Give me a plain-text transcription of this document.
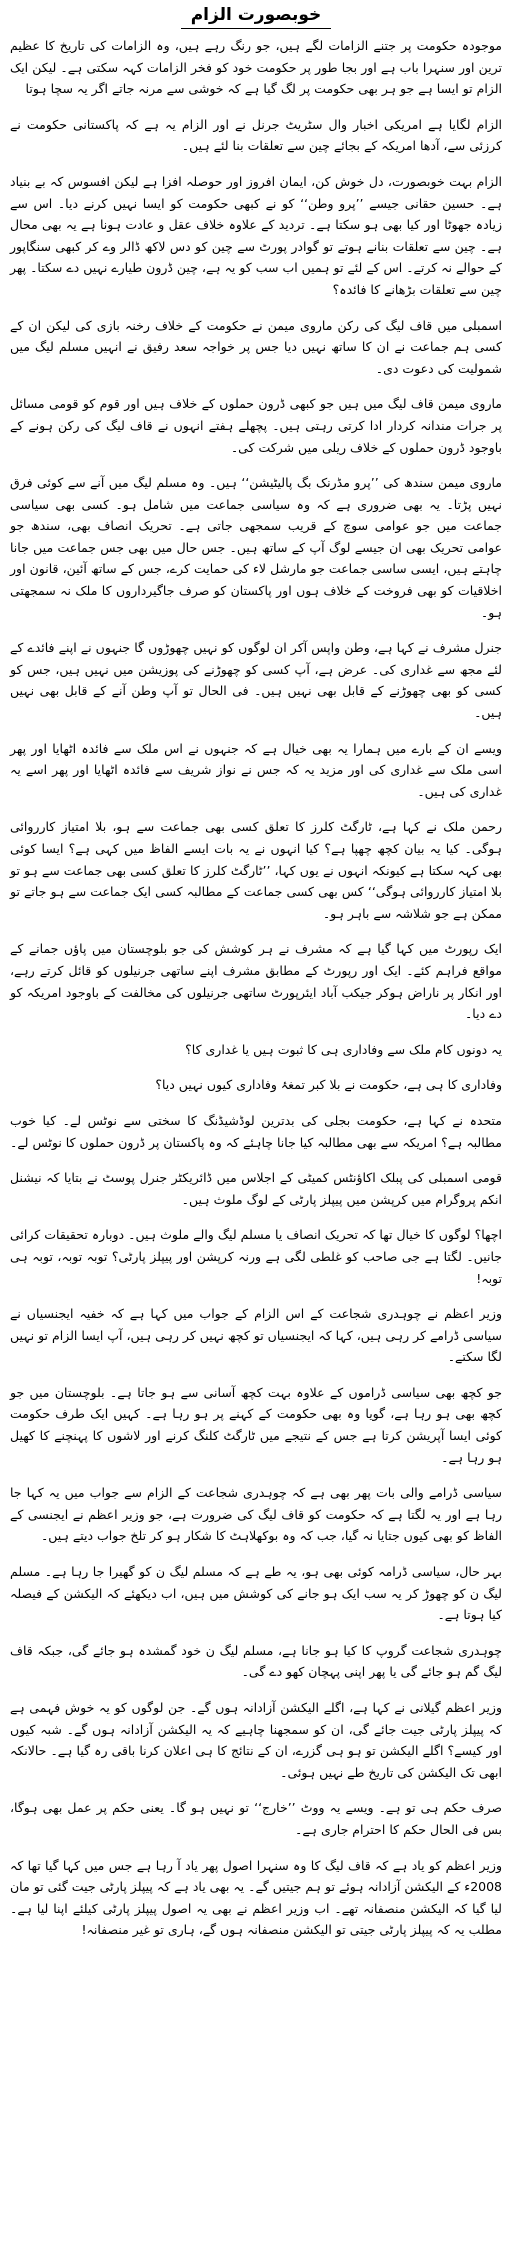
خوبصورت الزام

موجودہ حکومت پر جتنے الزامات لگے ہیں، جو رنگ رہے ہیں، وہ الزامات کی تاریخ کا عظیم ترین اور سنہرا باب ہے اور بجا طور پر حکومت خود کو فخر الزامات کہہ سکتی ہے۔ لیکن ایک الزام تو ایسا ہے جو ہر بھی حکومت پر لگ گیا ہے کہ خوشی سے مرنہ جاتے اگر یہ سچا ہوتا

الزام لگایا ہے امریکی اخبار وال سٹریٹ جرنل نے اور الزام یہ ہے کہ پاکستانی حکومت نے کرزئی سے، آدھا امریکہ کے بجائے چین سے تعلقات بنا لئے ہیں۔

الزام بہت خوبصورت، دل خوش کن، ایمان افروز اور حوصلہ افزا ہے لیکن افسوس کہ بے بنیاد ہے۔ حسین حقانی جیسے ’’پرو وطن‘‘ کو نے کبھی حکومت کو ایسا نہیں کرنے دیا۔ اس سے زیادہ جھوٹا اور کیا بھی ہو سکتا ہے۔ تردید کے علاوہ خلاف عقل و عادت ہونا ہے یہ بھی محال ہے۔ چین سے تعلقات بنانے ہوتے تو گوادر پورٹ سے چین کو دس لاکھ ڈالر وے کر کبھی سنگاپور کے حوالے نہ کرتے۔ اس کے لئے تو ہمیں اب سب کو یہ ہے، چین ڈرون طیارے نہیں دے سکتا۔ پھر چین سے تعلقات بڑھانے کا فائدہ؟

اسمبلی میں قاف لیگ کی رکن ماروی میمن نے حکومت کے خلاف رخنہ بازی کی لیکن ان کے کسی ہم جماعت نے ان کا ساتھ نہیں دیا جس پر خواجہ سعد رفیق نے انہیں مسلم لیگ میں شمولیت کی دعوت دی۔

ماروی میمن قاف لیگ میں ہیں جو کبھی ڈرون حملوں کے خلاف ہیں اور قوم کو قومی مسائل پر جرات مندانہ کردار ادا کرتی رہتی ہیں۔ پچھلے ہفتے انہوں نے قاف لیگ کی رکن ہونے کے باوجود ڈرون حملوں کے خلاف ریلی میں شرکت کی۔

ماروی میمن سندھ کی ’’پرو مڈرنک بگ پالیٹیشن‘‘ ہیں۔ وہ مسلم لیگ میں آنے سے کوئی فرق نہیں پڑتا۔ یہ بھی ضروری ہے کہ وہ سیاسی جماعت میں شامل ہو۔ کسی بھی سیاسی جماعت میں جو عوامی سوچ کے قریب سمجھی جاتی ہے۔ تحریک انصاف بھی، سندھ جو عوامی تحریک بھی ان جیسے لوگ آپ کے ساتھ ہیں۔ جس حال میں بھی جس جماعت میں جانا چاہتے ہیں، ایسی ساسی جماعت جو مارشل لاء کی حمایت کرے، جس کے ساتھ آئین، قانون اور اخلاقیات کو بھی فروخت کے خلاف ہوں اور پاکستان کو صرف جاگیرداروں کا ملک نہ سمجھتی ہو۔

جنرل مشرف نے کہا ہے، وطن واپس آکر ان لوگوں کو نہیں چھوڑوں گا جنہوں نے اپنے فائدے کے لئے مجھ سے غداری کی۔ عرض ہے، آپ کسی کو چھوڑنے کی پوزیشن میں نہیں ہیں، جس کو کسی کو بھی چھوڑنے کے قابل بھی نہیں ہیں۔ فی الحال تو آپ وطن آنے کے قابل بھی نہیں ہیں۔

ویسے ان کے بارے میں ہمارا یہ بھی خیال ہے کہ جنہوں نے اس ملک سے فائدہ اٹھایا اور پھر اسی ملک سے غداری کی اور مزید یہ کہ جس نے نواز شریف سے فائدہ اٹھایا اور پھر اسے یہ غداری کی ہیں۔

رحمن ملک نے کہا ہے، ٹارگٹ کلرز کا تعلق کسی بھی جماعت سے ہو، بلا امتیاز کارروائی ہوگی۔ کیا یہ بیان کچھ چھپا ہے؟ کیا انہوں نے یہ بات ایسے الفاظ میں کہی ہے؟ ایسا کوئی بھی کہہ سکتا ہے کیونکہ انہوں نے یوں کہا، ’’ٹارگٹ کلرز کا تعلق کسی بھی جماعت سے ہو تو بلا امتیاز کارروائی ہوگی‘‘ کس بھی کسی جماعت کے مطالبہ کسی ایک جماعت سے ہو جاتے تو ممکن ہے جو شلاشہ سے باہر ہو۔

ایک رپورٹ میں کہا گیا ہے کہ مشرف نے ہر کوشش کی جو بلوچستان میں پاؤں جمانے کے مواقع فراہم کئے۔ ایک اور رپورٹ کے مطابق مشرف اپنے ساتھی جرنیلوں کو قائل کرتے رہے، اور انکار پر ناراض ہوکر جیکب آباد ایئرپورٹ ساتھی جرنیلوں کی مخالفت کے باوجود امریکہ کو دے دیا۔

یہ دونوں کام ملک سے وفاداری ہی کا ثبوت ہیں یا غداری کا؟

وفاداری کا ہی ہے، حکومت نے بلا کبر تمغۂ وفاداری کیوں نہیں دیا؟

متحدہ نے کہا ہے، حکومت بجلی کی بدترین لوڈشیڈنگ کا سختی سے نوٹس لے۔ کیا خوب مطالبہ ہے؟ امریکہ سے بھی مطالبہ کیا جانا چاہئے کہ وہ پاکستان پر ڈرون حملوں کا نوٹس لے۔

قومی اسمبلی کی پبلک اکاؤنٹس کمیٹی کے اجلاس میں ڈائریکٹر جنرل پوسٹ نے بتایا کہ نیشنل انکم پروگرام میں کرپشن میں پیپلز پارٹی کے لوگ ملوث ہیں۔

اچھا؟ لوگوں کا خیال تھا کہ تحریک انصاف یا مسلم لیگ والے ملوث ہیں۔ دوبارہ تحقیقات کرائی جانیں۔ لگتا ہے جی صاحب کو غلطی لگی ہے ورنہ کرپشن اور پیپلز پارٹی؟ توبہ توبہ، توبہ ہی توبہ!

وزیر اعظم نے چوہدری شجاعت کے اس الزام کے جواب میں کہا ہے کہ خفیہ ایجنسیاں نے سیاسی ڈرامے کر رہی ہیں، کہا کہ ایجنسیاں تو کچھ نہیں کر رہی ہیں، آپ ایسا الزام تو نہیں لگا سکتے۔

جو کچھ بھی سیاسی ڈراموں کے علاوہ بہت کچھ آسانی سے ہو جاتا ہے۔ بلوچستان میں جو کچھ بھی ہو رہا ہے، گویا وہ بھی حکومت کے کہنے پر ہو رہا ہے۔ کہیں ایک طرف حکومت کوئی ایسا آپریشن کرتا ہے جس کے نتیجے میں ٹارگٹ کلنگ کرنے اور لاشوں کا پہنچنے کا کھیل ہو رہا ہے۔

سیاسی ڈرامے والی بات پھر بھی ہے کہ چوہدری شجاعت کے الزام سے جواب میں یہ کہا جا رہا ہے اور یہ لگتا ہے کہ حکومت کو قاف لیگ کی ضرورت ہے، جو وزیر اعظم نے ایجنسی کے الفاظ کو بھی کیوں جتایا نہ گیا، جب کہ وہ بوکھلاہٹ کا شکار ہو کر تلخ جواب دیتے ہیں۔

بہر حال، سیاسی ڈرامہ کوئی بھی ہو، یہ طے ہے کہ مسلم لیگ ن کو گھیرا جا رہا ہے۔ مسلم لیگ ن کو چھوڑ کر یہ سب ایک ہو جانے کی کوشش میں ہیں، اب دیکھئے کہ الیکشن کے فیصلہ کیا ہوتا ہے۔

چوہدری شجاعت گروپ کا کیا ہو جانا ہے، مسلم لیگ ن خود گمشدہ ہو جائے گی، جبکہ قاف لیگ گم ہو جائے گی یا پھر اپنی پہچان کھو دے گی۔

وزیر اعظم گیلانی نے کہا ہے، اگلے الیکشن آزادانہ ہوں گے۔ جن لوگوں کو یہ خوش فہمی ہے کہ پیپلز پارٹی جیت جائے گی، ان کو سمجھنا چاہیے کہ یہ الیکشن آزادانہ ہوں گے۔ شبہ کیوں اور کیسے؟ اگلے الیکشن تو ہو ہی گزرے، ان کے نتائج کا ہی اعلان کرنا باقی رہ گیا ہے۔ حالانکہ ابھی تک الیکشن کی تاریخ طے نہیں ہوئی۔

صرف حکم ہی تو ہے۔ ویسے یہ ووٹ ’’خارج‘‘ تو نہیں ہو گا۔ یعنی حکم پر عمل بھی ہوگا، بس فی الحال حکم کا احترام جاری ہے۔

وزیر اعظم کو یاد ہے کہ قاف لیگ کا وہ سنہرا اصول پھر یاد آ رہا ہے جس میں کہا گیا تھا کہ 2008ء کے الیکشن آزادانہ ہوئے تو ہم جیتیں گے۔ یہ بھی یاد ہے کہ پیپلز پارٹی جیت گئی تو مان لیا گیا کہ الیکشن منصفانہ تھے۔ اب وزیر اعظم نے بھی یہ اصول پیپلز پارٹی کیلئے اپنا لیا ہے۔ مطلب یہ کہ پیپلز پارٹی جیتی تو الیکشن منصفانہ ہوں گے، ہاری تو غیر منصفانہ!
